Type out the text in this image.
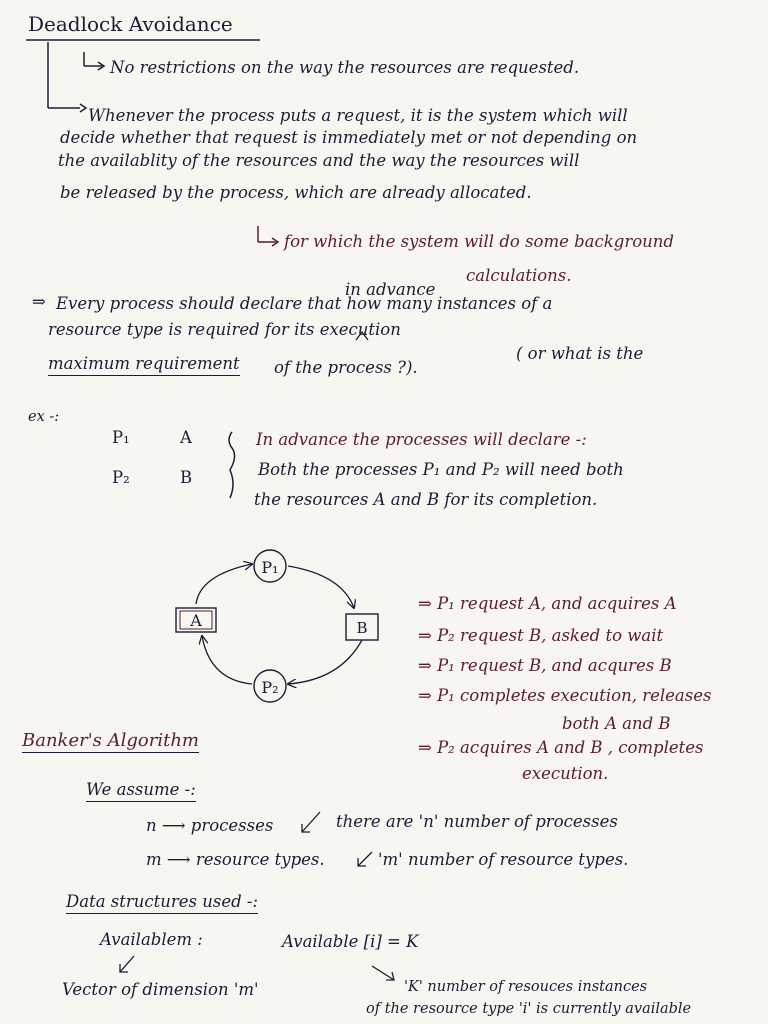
Deadlock Avoidance
No restrictions on the way the resources are requested.
Whenever the process puts a request, it is the system which will
decide whether that request is immediately met or not depending on
the availablity of the resources and the way the resources will
be released by the process, which are already allocated.
for which the system will do some background
calculations.
in advance
⇒ Every process should declare that how many instances of a
resource type is required for its execution
( or what is the
maximum requirement of the process ?).
ex -:
P₁	A
P₂	B
In advance the processes will declare -:
Both the processes P₁ and P₂ will need both
the resources A and B for its completion.
P₁
P₂
A	B
⇒ P₁ request A, and acquires A
⇒ P₂ request B, asked to wait
⇒ P₁ request B, and acqures B
⇒ P₁ completes execution, releases
both A and B
⇒ P₂ acquires A and B , completes
execution.
Banker's Algorithm
We assume -:
n ⟶ processes	there are 'n' number of processes
m ⟶ resource types.	'm' number of resource types.
Data structures used -:
Availablem :	Available [i] = K
Vector of dimension 'm'	'K' number of resouces instances
of the resource type 'i' is currently available
